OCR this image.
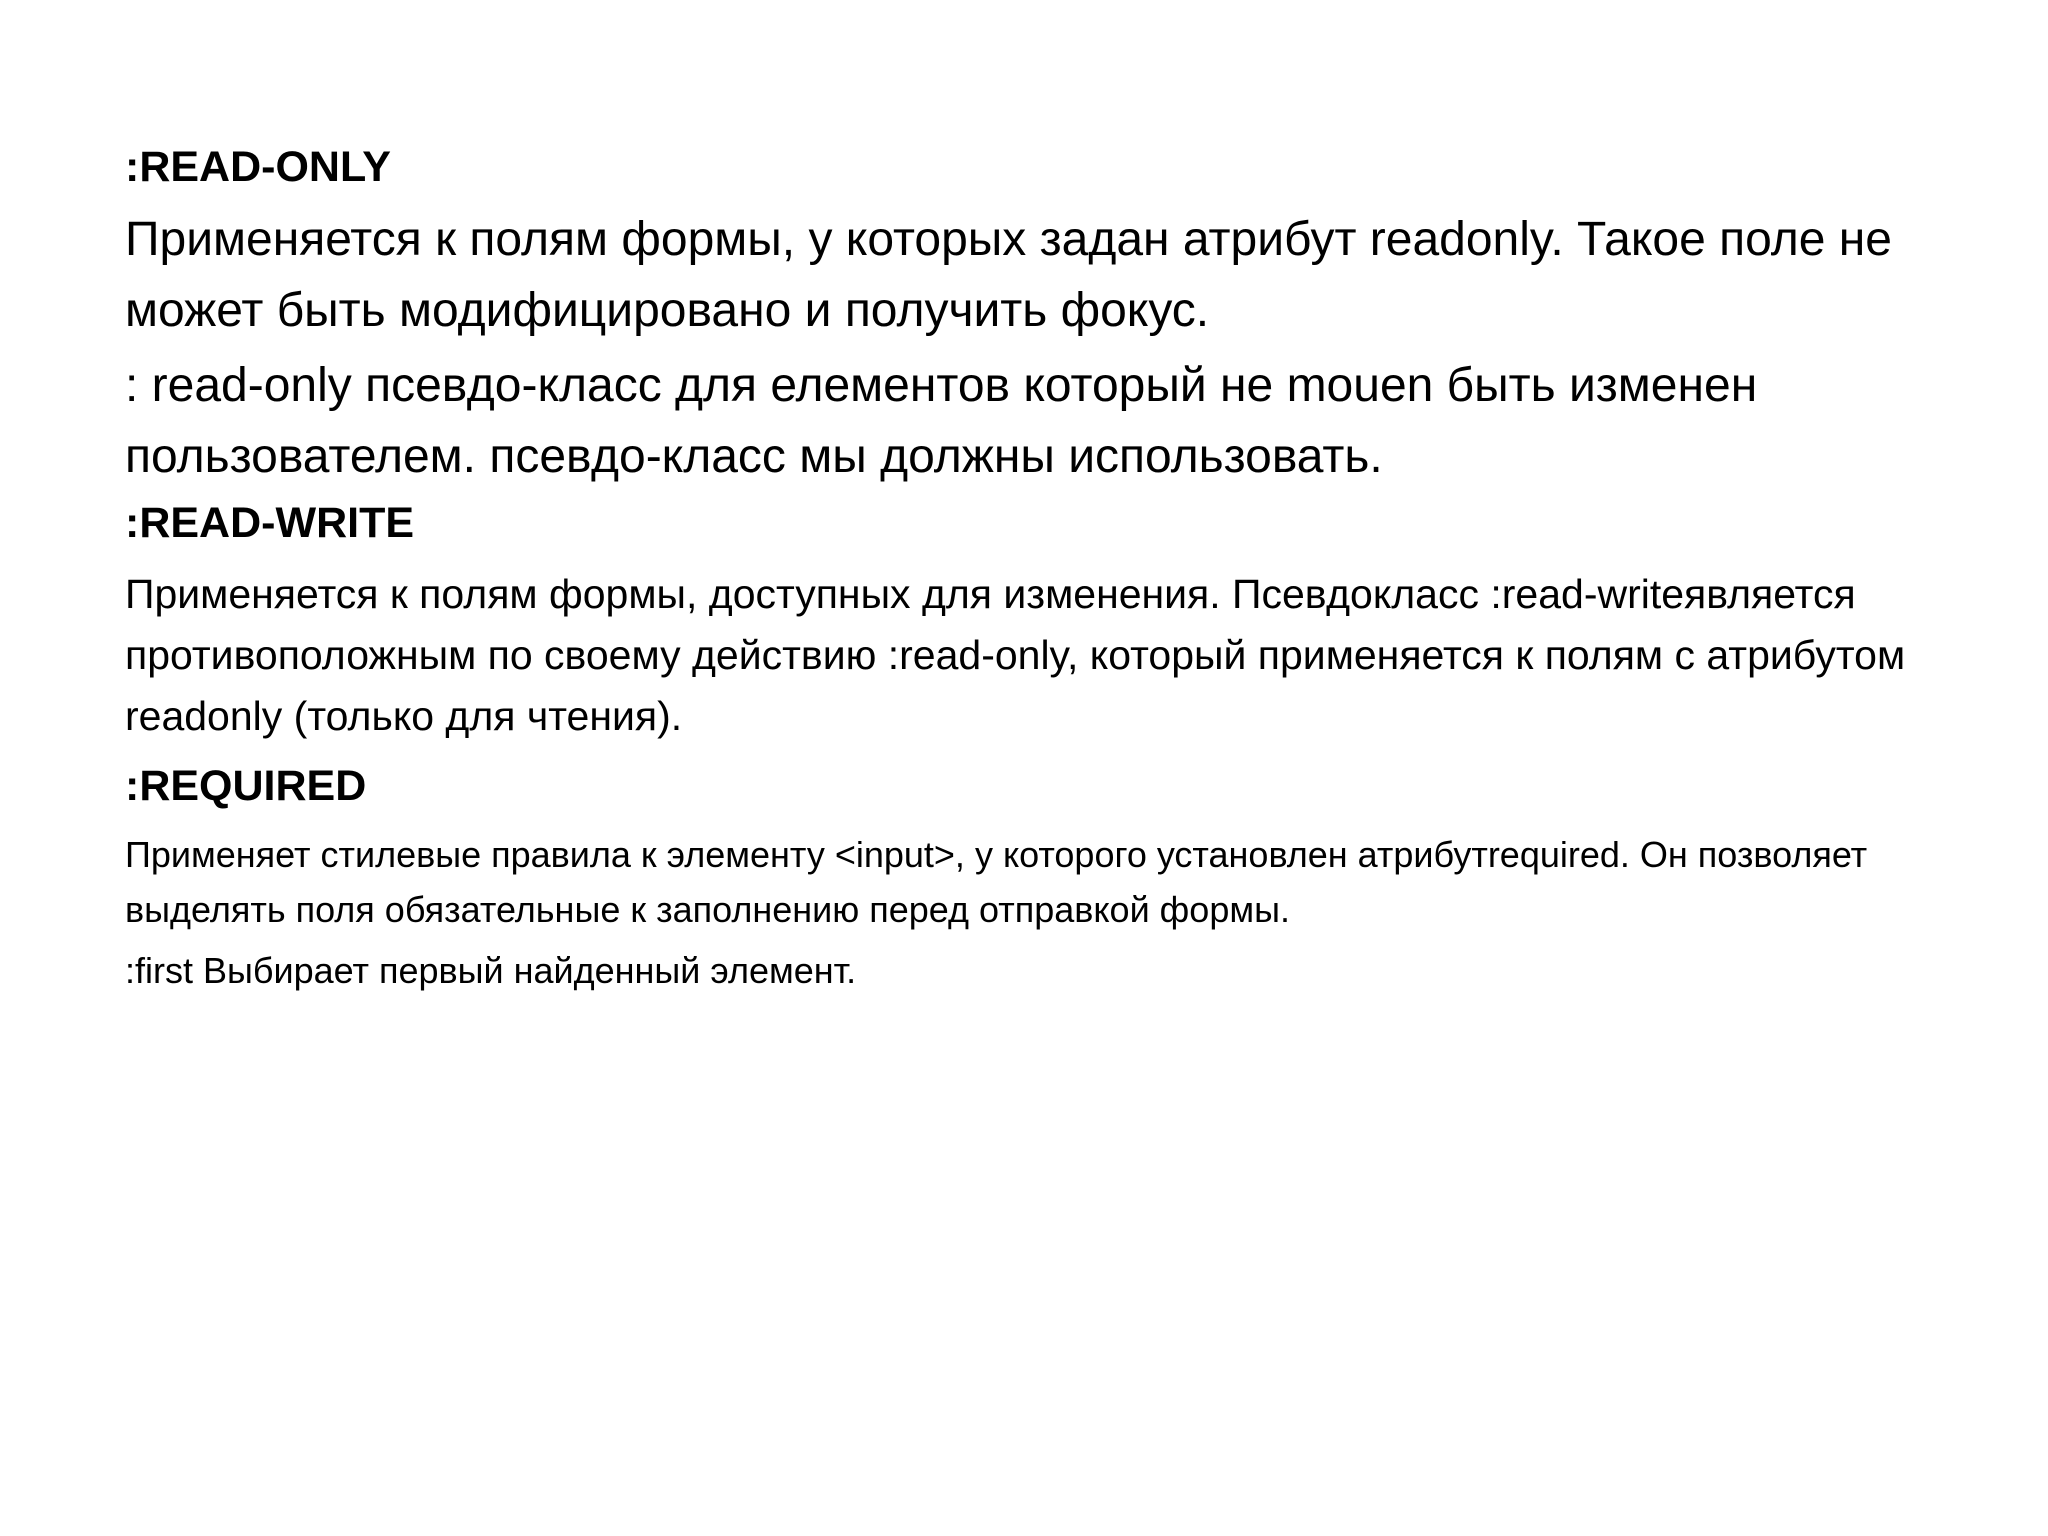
:READ-ONLY

Применяется к полям формы, у которых задан атрибут readonly. Такое поле не может быть модифицировано и получить фокус.

: read-only псевдо-класс для елементов который не mouen быть изменен пользователем. псевдо-класс мы должны использовать.

:READ-WRITE

Применяется к полям формы, доступных для изменения. Псевдокласс :read-writeявляется противоположным по своему действию :read-only, который применяется к полям с атрибутом readonly (только для чтения).

:REQUIRED

Применяет стилевые правила к элементу <input>, у которого установлен атрибутrequired. Он позволяет выделять поля обязательные к заполнению перед отправкой формы.

:first Выбирает первый найденный элемент.
